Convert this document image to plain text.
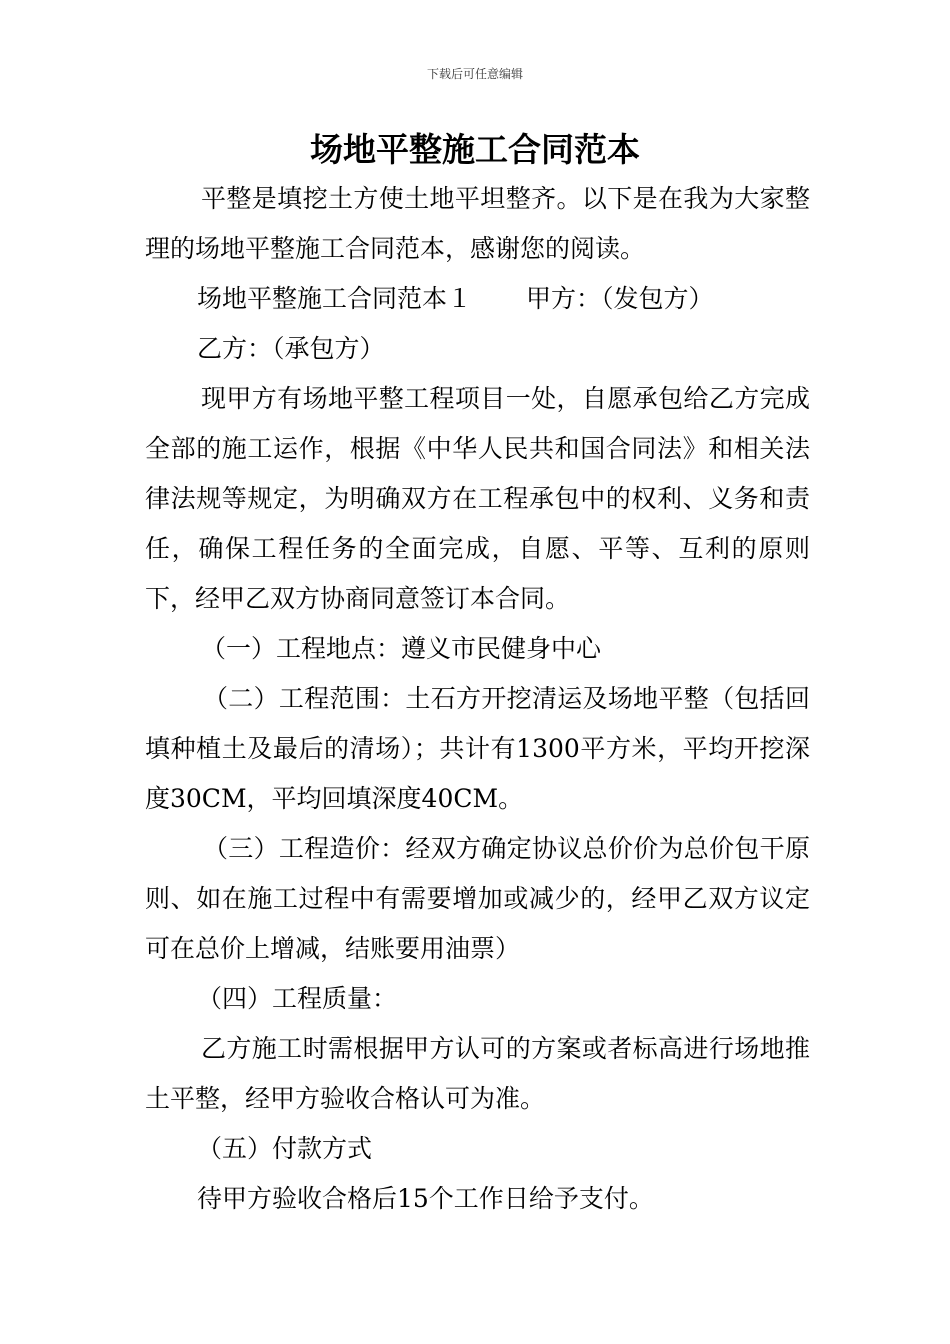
下载后可任意编辑
场地平整施工合同范本

平整是填挖土方使土地平坦整齐。以下是在我为大家整理的场地平整施工合同范本，感谢您的阅读。

场地平整施工合同范本１ 甲方：（发包方）

乙方：（承包方）

现甲方有场地平整工程项目一处，自愿承包给乙方完成全部的施工运作，根据《中华人民共和国合同法》和相关法律法规等规定，为明确双方在工程承包中的权利、义务和责任，确保工程任务的全面完成，自愿、平等、互利的原则下，经甲乙双方协商同意签订本合同。

（一）工程地点：遵义市民健身中心

（二）工程范围：土石方开挖清运及场地平整（包括回填种植土及最后的清场）；共计有1300平方米，平均开挖深度30CM，平均回填深度40CM。

（三）工程造价：经双方确定协议总价价为总价包干原则、如在施工过程中有需要增加或减少的，经甲乙双方议定可在总价上增减，结账要用油票）

（四）工程质量：

乙方施工时需根据甲方认可的方案或者标高进行场地推土平整，经甲方验收合格认可为准。

（五）付款方式

待甲方验收合格后15个工作日给予支付。
